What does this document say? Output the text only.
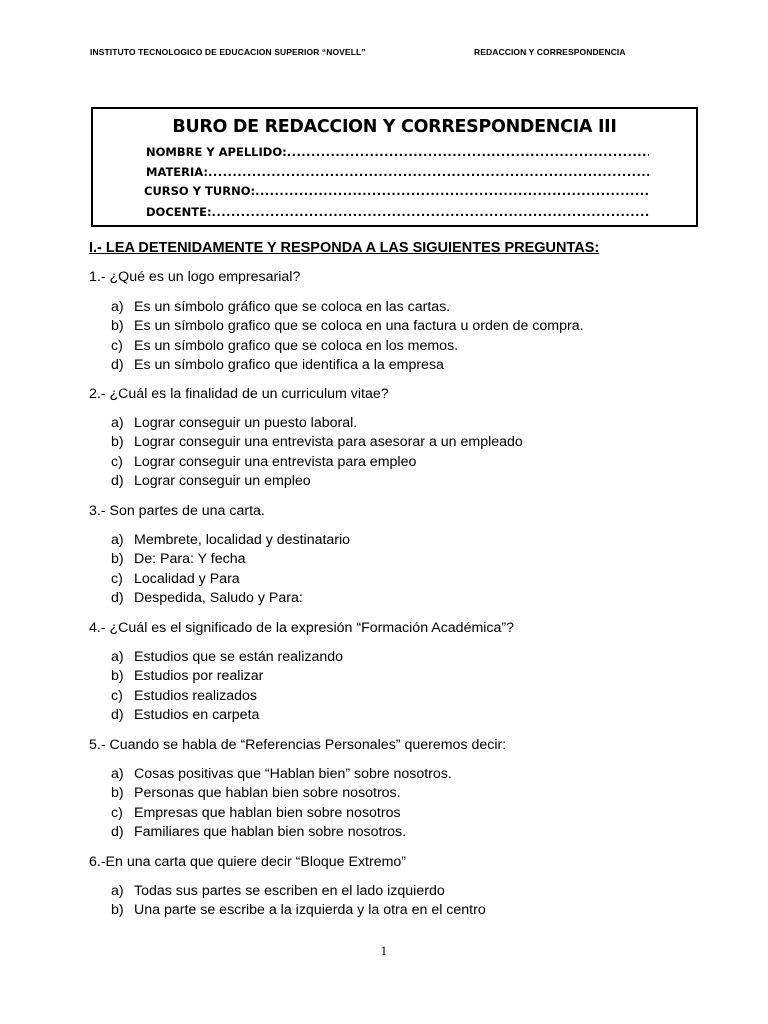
INSTITUTO TECNOLOGICO DE EDUCACION SUPERIOR “NOVELL”	REDACCION Y CORRESPONDENCIA
BURO DE REDACCION Y CORRESPONDENCIA III
NOMBRE Y APELLIDO:
.....
MATERIA:
.....
CURSO Y TURNO:
.....
DOCENTE:
.....
I.- LEA DETENIDAMENTE Y RESPONDA A LAS SIGUIENTES PREGUNTAS:
1.- ¿Qué es un logo empresarial?
a) Es un símbolo gráfico que se coloca en las cartas.
b) Es un símbolo grafico que se coloca en una factura u orden de compra.
c) Es un símbolo grafico que se coloca en los memos.
d) Es un símbolo grafico que identifica a la empresa
2.- ¿Cuál es la finalidad de un curriculum vitae?
a) Lograr conseguir un puesto laboral.
b) Lograr conseguir una entrevista para asesorar a un empleado
c) Lograr conseguir una entrevista para empleo
d) Lograr conseguir un empleo
3.- Son partes de una carta.
a) Membrete, localidad y destinatario
b) De: Para: Y fecha
c) Localidad y Para
d) Despedida, Saludo y Para:
4.- ¿Cuál es el significado de la expresión “Formación Académica”?
a) Estudios que se están realizando
b) Estudios por realizar
c) Estudios realizados
d) Estudios en carpeta
5.- Cuando se habla de “Referencias Personales” queremos decir:
a) Cosas positivas que “Hablan bien” sobre nosotros.
b) Personas que hablan bien sobre nosotros.
c) Empresas que hablan bien sobre nosotros
d) Familiares que hablan bien sobre nosotros.
6.-En una carta que quiere decir “Bloque Extremo”
a) Todas sus partes se escriben en el lado izquierdo
b) Una parte se escribe a la izquierda y la otra en el centro
1
